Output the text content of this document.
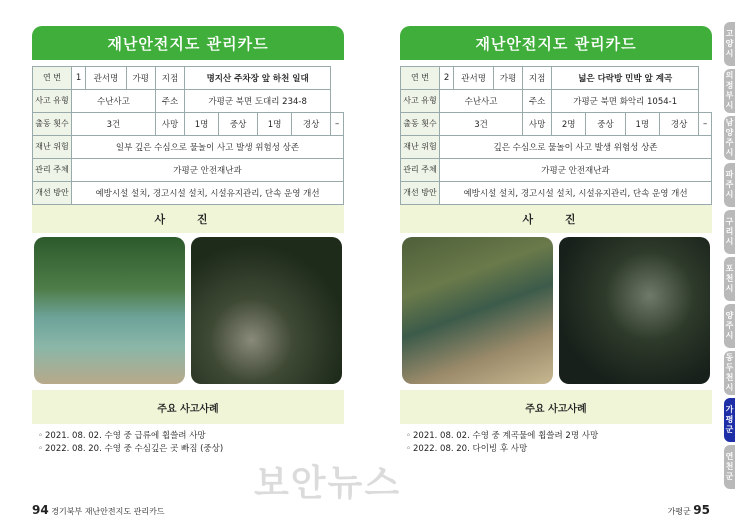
재난안전지도 관리카드
연 번	1	관서명	가평	지점	명지산 주차장 앞 하천 일대				
사고 유형	수난사고			주소	가평군 북면 도대리 234-8				
출동 횟수	3건			사망	1명	중상	1명	경상	–
재난 위험	일부 깊은 수심으로 물놀이 사고 발생 위험성 상존								
관리 주체	가평군 안전재난과								
개선 방안	예방시설 설치, 경고시설 설치, 시설유지관리, 단속 운영 개선								
사 진
주요 사고사례
◦ 2021. 08. 02. 수영 중 급류에 휩쓸려 사망
◦ 2022. 08. 20. 수영 중 수심깊은 곳 빠짐 (중상)
94 경기북부 재난안전지도 관리카드
재난안전지도 관리카드
연 번	2	관서명	가평	지점	넓은 다락방 민박 앞 계곡				
사고 유형	수난사고			주소	가평군 북면 화악리 1054-1				
출동 횟수	3건			사망	2명	중상	1명	경상	–
재난 위험	깊은 수심으로 물놀이 사고 발생 위험성 상존								
관리 주체	가평군 안전재난과								
개선 방안	예방시설 설치, 경고시설 설치, 시설유지관리, 단속 운영 개선								
사 진
주요 사고사례
◦ 2021. 08. 02. 수영 중 계곡물에 휩쓸려 2명 사망
◦ 2022. 08. 20. 다이빙 후 사망
가평군 95
고양시
의정부시
남양주시
파주시
구리시
포천시
양주시
동두천시
가평군
연천군
보안뉴스
